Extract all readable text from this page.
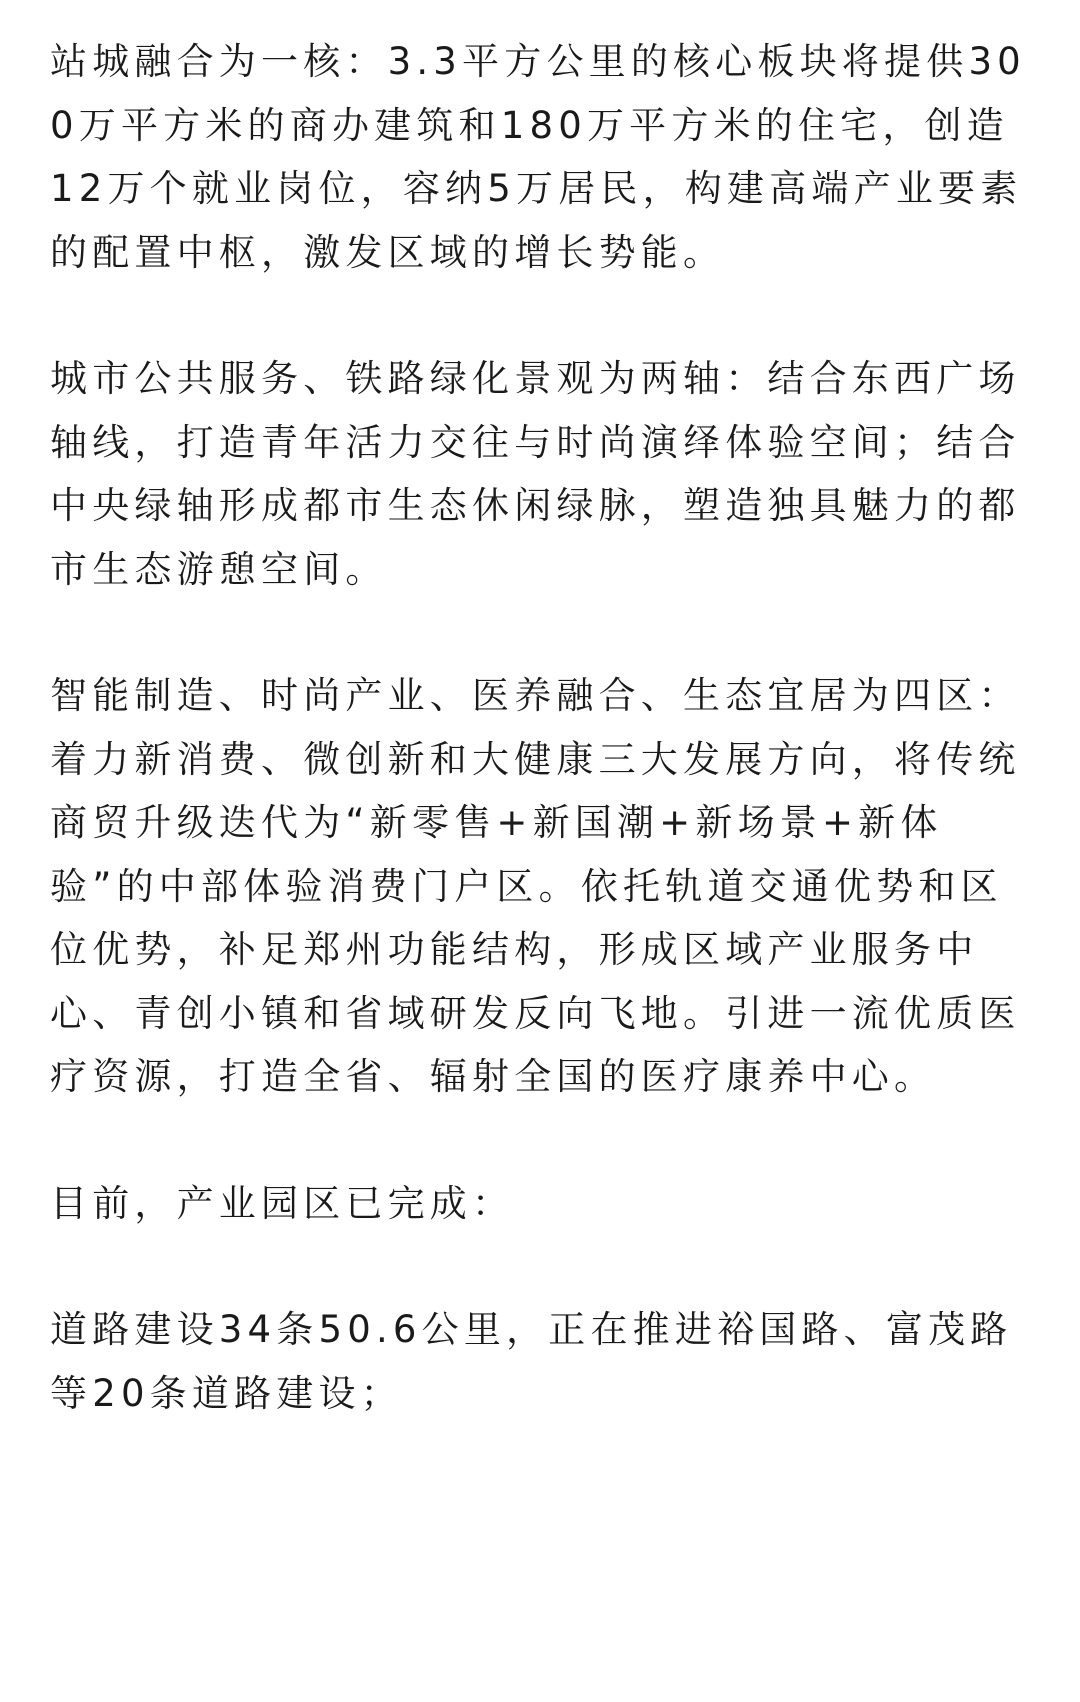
站城融合为一核：3.3平方公里的核心板块将提供300万平方米的商办建筑和180万平方米的住宅，创造12万个就业岗位，容纳5万居民，构建高端产业要素的配置中枢，激发区域的增长势能。

城市公共服务、铁路绿化景观为两轴：结合东西广场轴线，打造青年活力交往与时尚演绎体验空间；结合中央绿轴形成都市生态休闲绿脉，塑造独具魅力的都市生态游憩空间。

智能制造、时尚产业、医养融合、生态宜居为四区：着力新消费、微创新和大健康三大发展方向，将传统商贸升级迭代为“新零售+新国潮+新场景+新体验”的中部体验消费门户区。依托轨道交通优势和区位优势，补足郑州功能结构，形成区域产业服务中心、青创小镇和省域研发反向飞地。引进一流优质医疗资源，打造全省、辐射全国的医疗康养中心。

目前，产业园区已完成：

道路建设34条50.6公里，正在推进裕国路、富茂路等20条道路建设；
